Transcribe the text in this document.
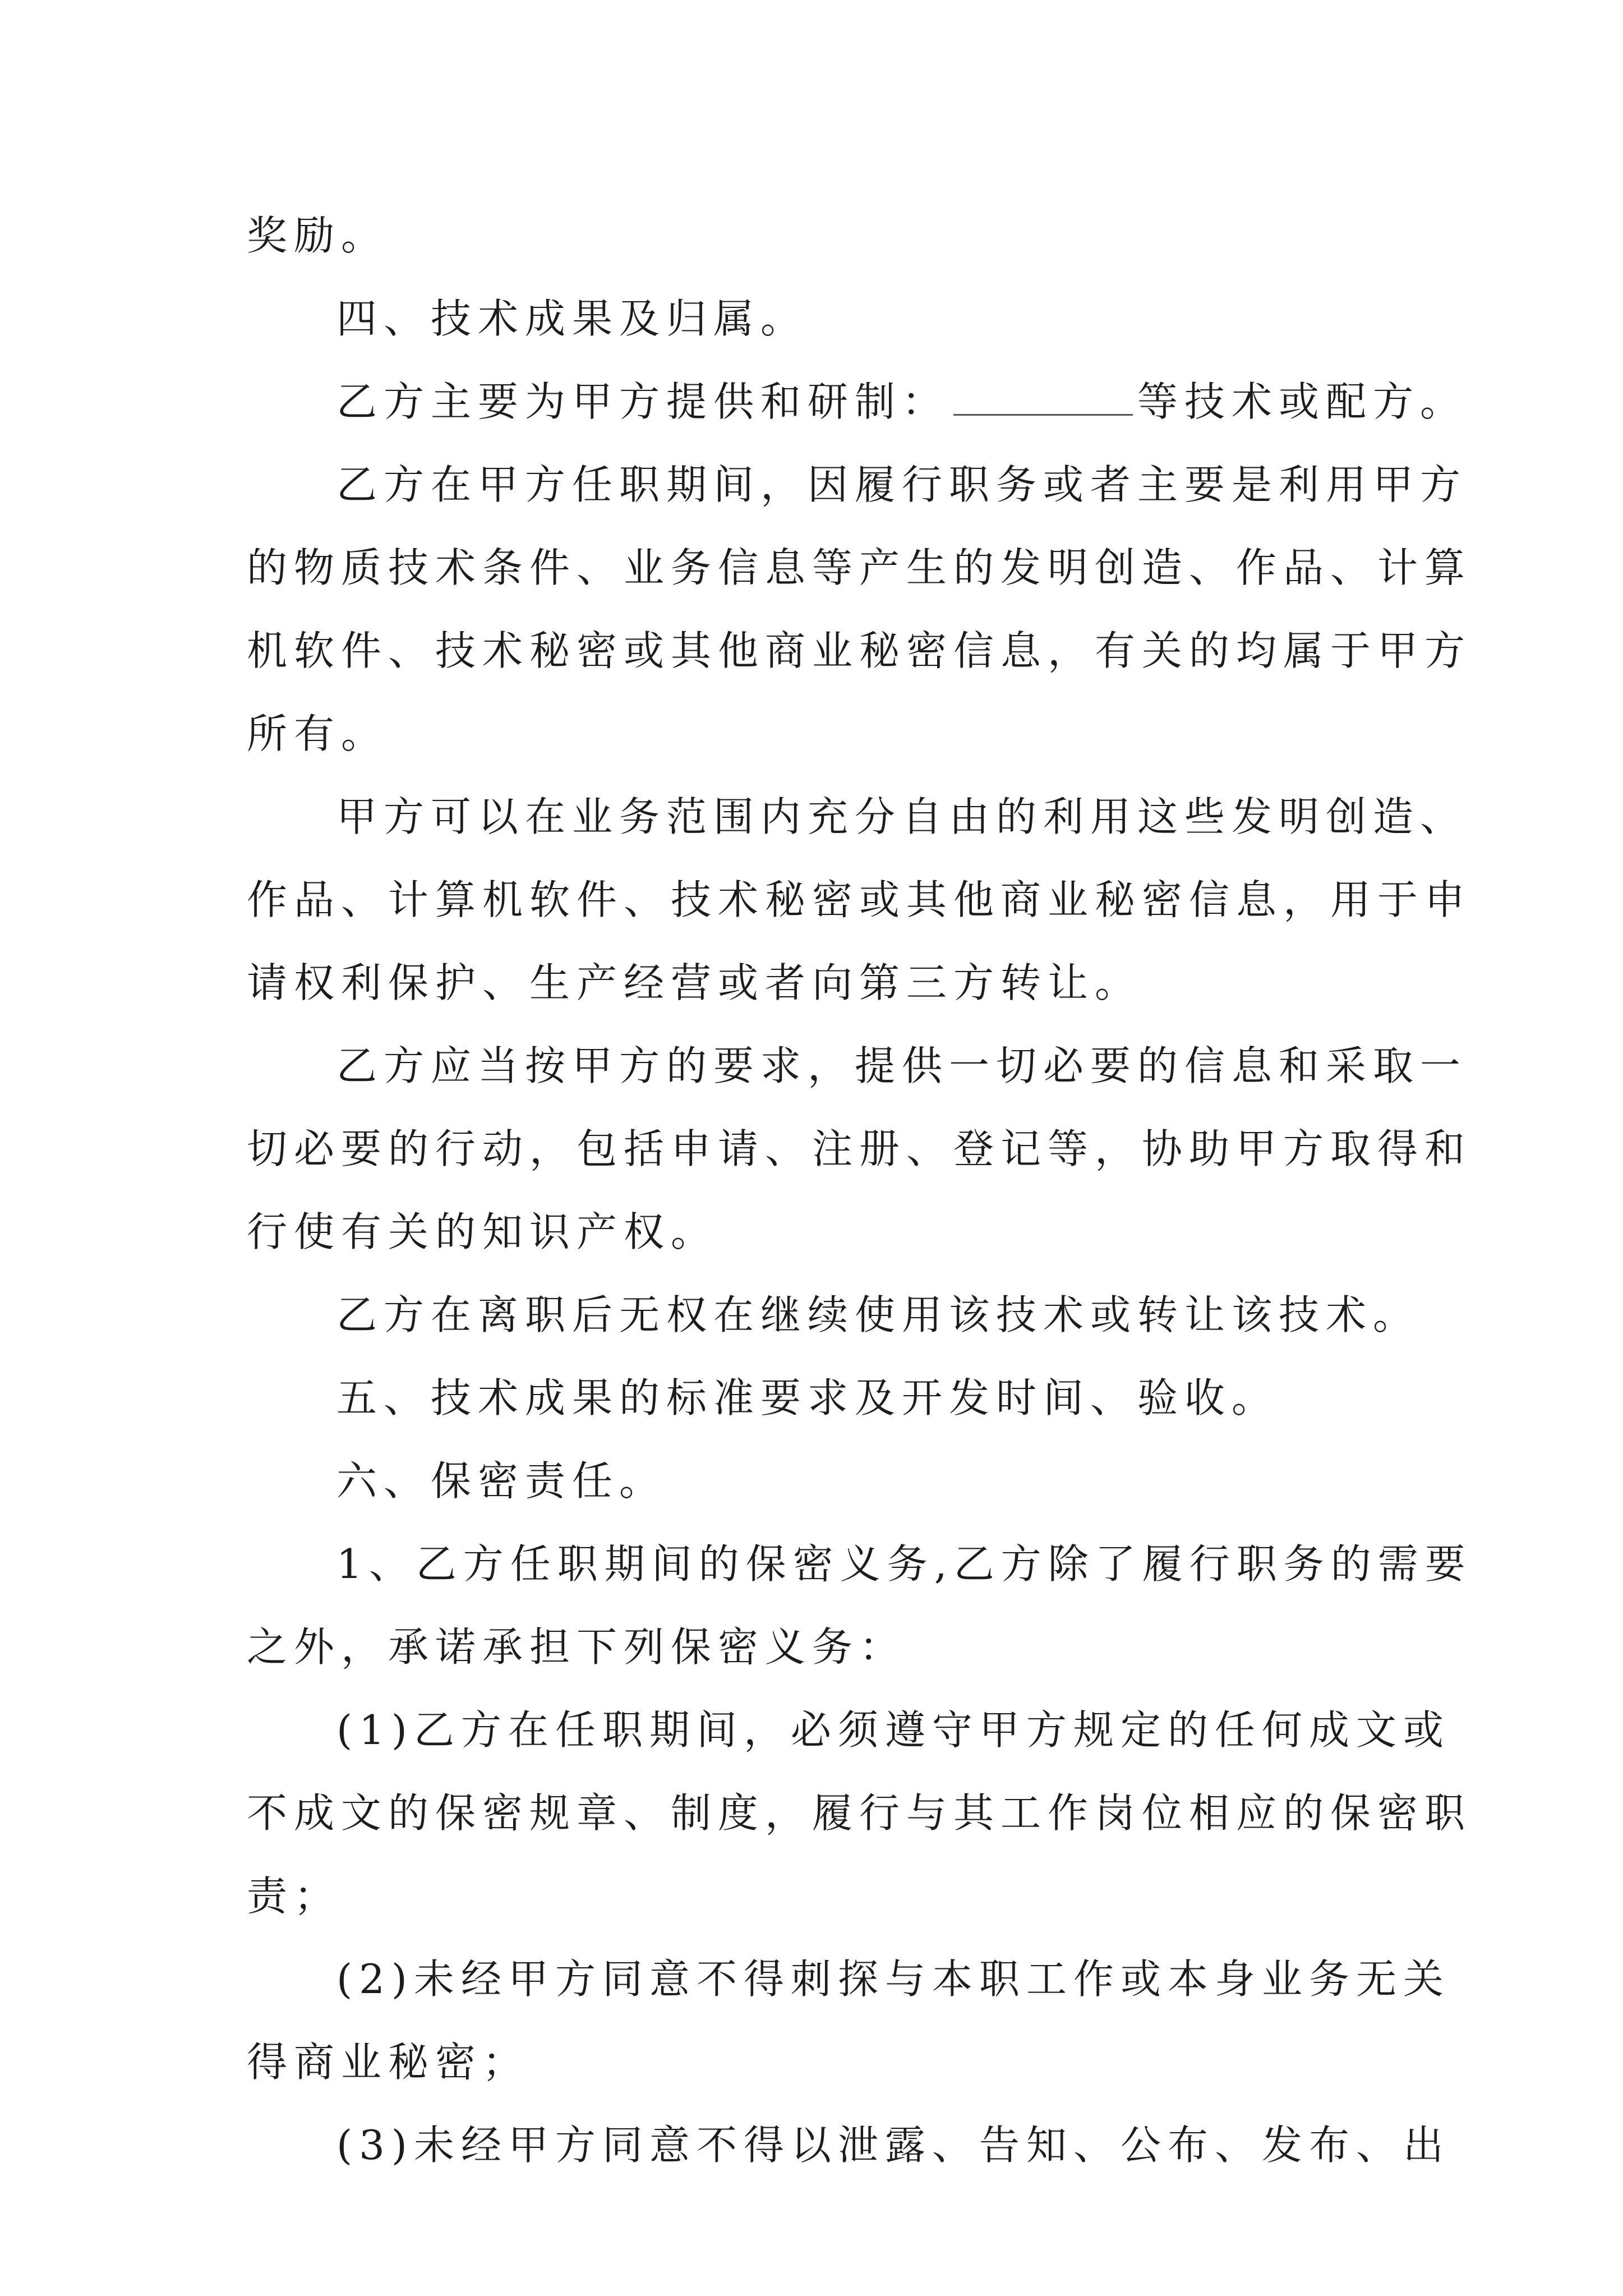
奖励。
四、技术成果及归属。
乙方主要为甲方提供和研制：	等技术或配方。
乙方在甲方任职期间，因履行职务或者主要是利用甲方
的物质技术条件、业务信息等产生的发明创造、作品、计算
机软件、技术秘密或其他商业秘密信息，有关的均属于甲方
所有。
甲方可以在业务范围内充分自由的利用这些发明创造、
作品、计算机软件、技术秘密或其他商业秘密信息，用于申
请权利保护、生产经营或者向第三方转让。
乙方应当按甲方的要求，提供一切必要的信息和采取一
切必要的行动，包括申请、注册、登记等，协助甲方取得和
行使有关的知识产权。
乙方在离职后无权在继续使用该技术或转让该技术。
五、技术成果的标准要求及开发时间、验收。
六、保密责任。
1、乙方任职期间的保密义务,乙方除了履行职务的需要
之外，承诺承担下列保密义务：
(1)乙方在任职期间，必须遵守甲方规定的任何成文或
不成文的保密规章、制度，履行与其工作岗位相应的保密职
责；
(2)未经甲方同意不得刺探与本职工作或本身业务无关
得商业秘密；
(3)未经甲方同意不得以泄露、告知、公布、发布、出
